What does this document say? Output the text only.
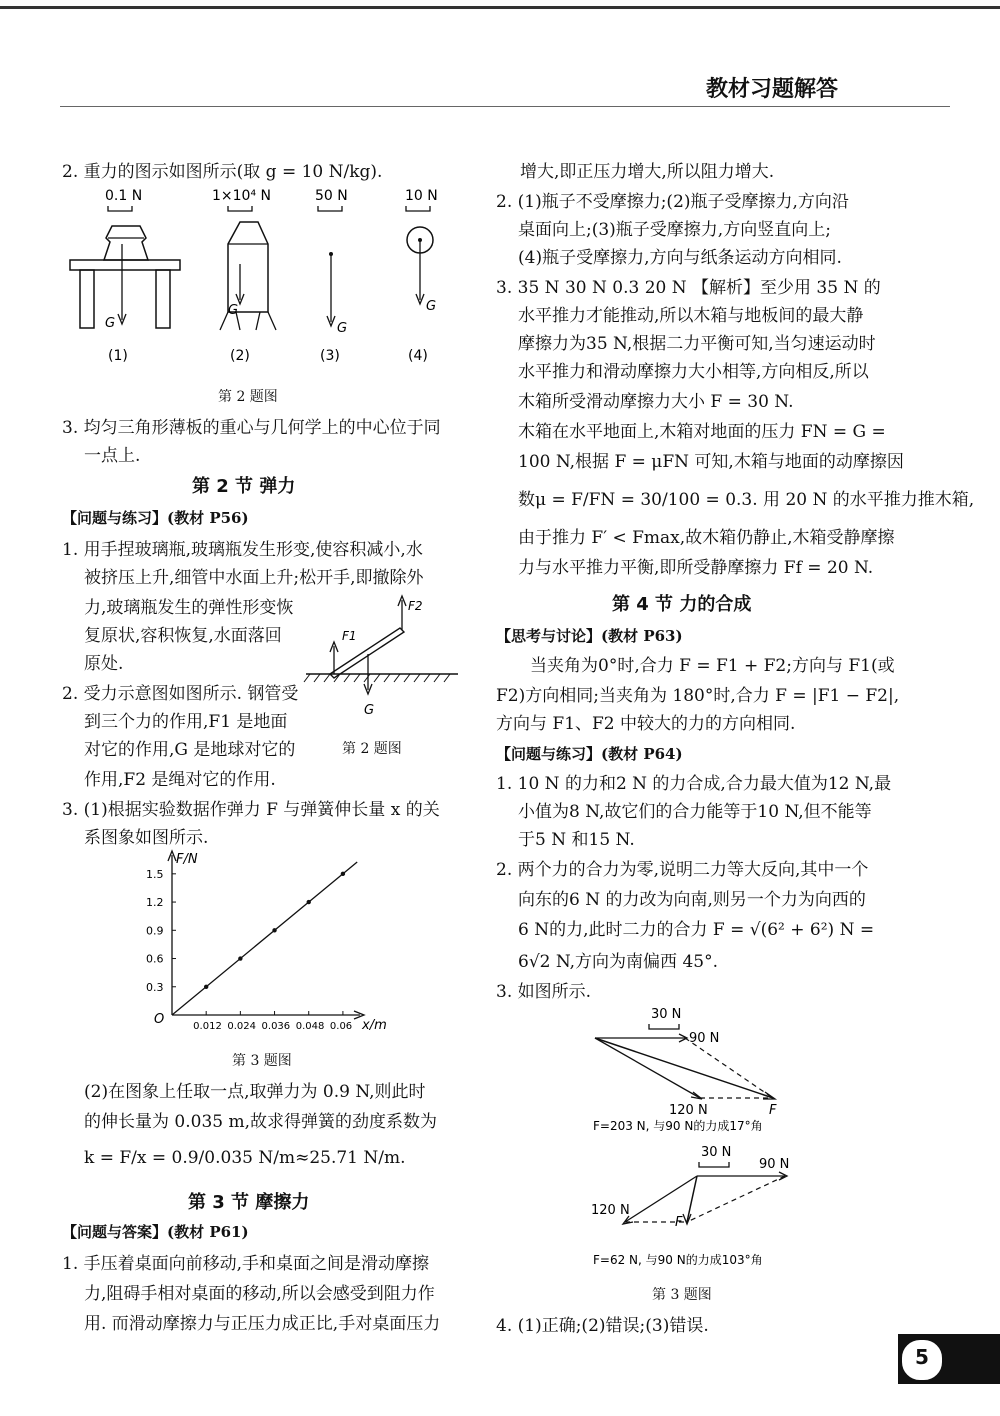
教材习题解答
2. 重力的图示如图所示(取 g = 10 N/kg).
0.1 N	1×10⁴ N	50 N	10 N
G
G
G
G
(1)	(2)	(3)	(4)
第 2 题图
3. 均匀三角形薄板的重心与几何学上的中心位于同
一点上.
第 2 节 弹力
【问题与练习】(教材 P56)
1. 用手捏玻璃瓶,玻璃瓶发生形变,使容积减小,水
被挤压上升,细管中水面上升;松开手,即撤除外
力,玻璃瓶发生的弹性形变恢
复原状,容积恢复,水面落回
原处.
2. 受力示意图如图所示. 钢管受
到三个力的作用,F1 是地面
对它的作用,G 是地球对它的
作用,F2 是绳对它的作用.
F2
F1
G
第 2 题图
3. (1)根据实验数据作弹力 F 与弹簧伸长量 x 的关
系图象如图所示.
F/N
x/m
O	0.012 0.024 0.036 0.048 0.06
0.3
0.6
0.9
1.2
1.5
第 3 题图
(2)在图象上任取一点,取弹力为 0.9 N,则此时
的伸长量为 0.035 m,故求得弹簧的劲度系数为
k = F/x = 0.9/0.035 N/m≈25.71 N/m.
第 3 节 摩擦力
【问题与答案】(教材 P61)
1. 手压着桌面向前移动,手和桌面之间是滑动摩擦
力,阻碍手相对桌面的移动,所以会感受到阻力作
用. 而滑动摩擦力与正压力成正比,手对桌面压力
增大,即正压力增大,所以阻力增大.
2. (1)瓶子不受摩擦力;(2)瓶子受摩擦力,方向沿
桌面向上;(3)瓶子受摩擦力,方向竖直向上;
(4)瓶子受摩擦力,方向与纸条运动方向相同.
3. 35 N 30 N 0.3 20 N 【解析】至少用 35 N 的
水平推力才能推动,所以木箱与地板间的最大静
摩擦力为35 N,根据二力平衡可知,当匀速运动时
水平推力和滑动摩擦力大小相等,方向相反,所以
木箱所受滑动摩擦力大小 F = 30 N.
木箱在水平地面上,木箱对地面的压力 FN = G =
100 N,根据 F = μFN 可知,木箱与地面的动摩擦因
数μ = F/FN = 30/100 = 0.3. 用 20 N 的水平推力推木箱,
由于推力 F′ < Fmax,故木箱仍静止,木箱受静摩擦
力与水平推力平衡,即所受静摩擦力 Ff = 20 N.
第 4 节 力的合成
【思考与讨论】(教材 P63)
当夹角为0°时,合力 F = F1 + F2;方向与 F1(或
F2)方向相同;当夹角为 180°时,合力 F = |F1 − F2|,
方向与 F1、F2 中较大的力的方向相同.
【问题与练习】(教材 P64)
1. 10 N 的力和2 N 的力合成,合力最大值为12 N,最
小值为8 N,故它们的合力能等于10 N,但不能等
于5 N 和15 N.
2. 两个力的合力为零,说明二力等大反向,其中一个
向东的6 N 的力改为向南,则另一个力为向西的
6 N的力,此时二力的合力 F = √(6² + 6²) N =
6√2 N,方向为南偏西 45°.
3. 如图所示.
30 N
90 N
120 N	F
F=203 N, 与90 N的力成17°角
30 N
90 N
120 N
F
F=62 N, 与90 N的力成103°角
第 3 题图
4. (1)正确;(2)错误;(3)错误.
5
